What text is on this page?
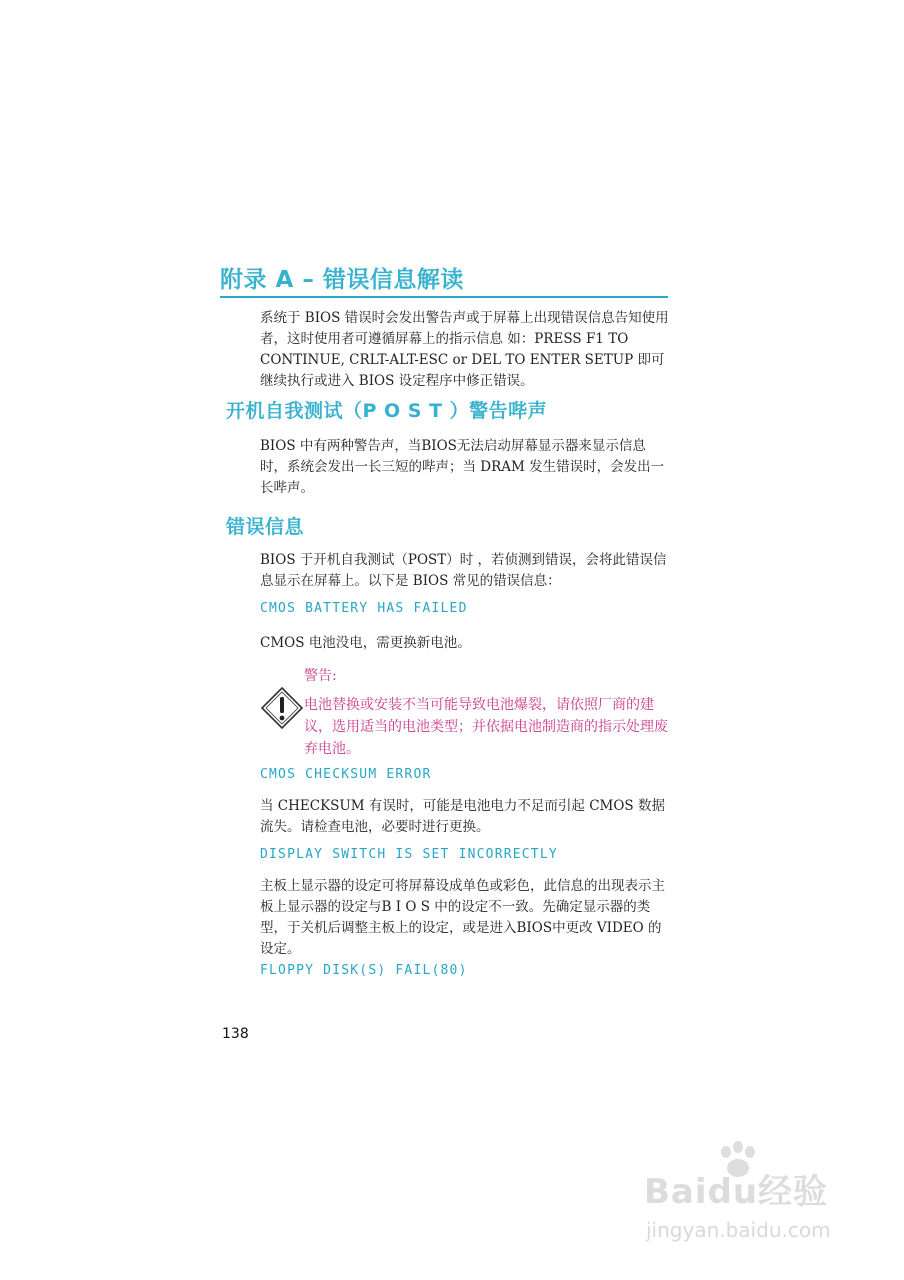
附录 A – 错误信息解读

系统于 BIOS 错误时会发出警告声或于屏幕上出现错误信息告知使用者，这时使用者可遵循屏幕上的指示信息 如：PRESS F1 TO CONTINUE, CRLT-ALT-ESC or DEL TO ENTER SETUP 即可继续执行或进入 BIOS 设定程序中修正错误。

开机自我测试（P O S T ）警告哔声

BIOS 中有两种警告声，当BIOS无法启动屏幕显示器来显示信息时，系统会发出一长三短的哔声；当 DRAM 发生错误时，会发出一长哔声。

错误信息

BIOS 于开机自我测试（POST）时 ，若侦测到错误，会将此错误信息显示在屏幕上。以下是 BIOS 常见的错误信息：

CMOS BATTERY HAS FAILED

CMOS 电池没电，需更换新电池。

警告:

电池替换或安装不当可能导致电池爆裂，请依照厂商的建议，选用适当的电池类型；并依据电池制造商的指示处理废弃电池。

CMOS CHECKSUM ERROR

当 CHECKSUM 有误时，可能是电池电力不足而引起 CMOS 数据流失。请检查电池，必要时进行更换。

DISPLAY SWITCH IS SET INCORRECTLY

主板上显示器的设定可将屏幕设成单色或彩色，此信息的出现表示主板上显示器的设定与B I O S 中的设定不一致。先确定显示器的类型，于关机后调整主板上的设定，或是进入BIOS中更改 VIDEO 的设定。

FLOPPY DISK(S) FAIL(80)
138
Baidu经验
jingyan.baidu.com
